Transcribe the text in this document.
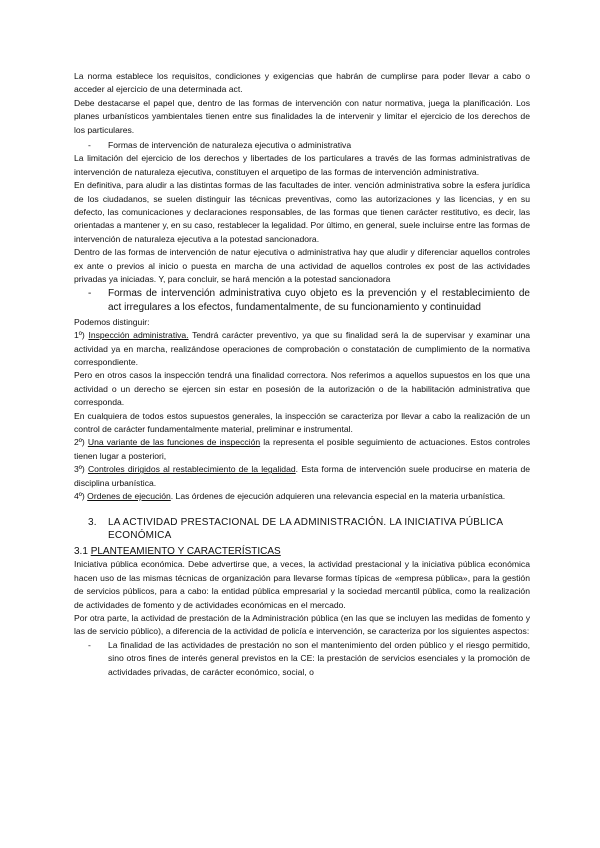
La norma establece los requisitos, condiciones y exigencias que habrán de cumplirse para poder llevar a cabo o acceder al ejercicio de una determinada act.

Debe destacarse el papel que, dentro de las formas de intervención con natur normativa, juega la planificación. Los planes urbanísticos yambientales tienen entre sus finalidades la de intervenir y limitar el ejercicio de los derechos de los particulares.

-	Formas de intervención de naturaleza ejecutiva o administrativa

La limitación del ejercicio de los derechos y libertades de los particulares a través de las formas administrativas de intervención de naturaleza ejecutiva, constituyen el arquetipo de las formas de intervención administrativa.

En definitiva, para aludir a las distintas formas de las facultades de inter. vención administrativa sobre la esfera jurídica de los ciudadanos, se suelen distinguir las técnicas preventivas, como las autorizaciones y las licencias, y en su defecto, las comunicaciones y declaraciones responsables, de las formas que tienen carácter restitutivo, es decir, las orientadas a mantener y, en su caso, restablecer la legalidad. Por último, en general, suele incluirse entre las formas de intervención de naturaleza ejecutiva a la potestad sancionadora.

Dentro de las formas de intervención de natur ejecutiva o administrativa hay que aludir y diferenciar aquellos controles ex ante o previos al inicio o puesta en marcha de una actividad de aquellos controles ex post de las actividades privadas ya iniciadas. Y, para concluir, se hará mención a la potestad sancionadora

-	Formas de intervención administrativa cuyo objeto es la prevención y el restablecimiento de act irregulares a los efectos, fundamentalmente, de su funcionamiento y continuidad

Podemos distinguir:

1º) Inspección administrativa. Tendrá carácter preventivo, ya que su finalidad será la de supervisar y examinar una actividad ya en marcha, realizándose operaciones de comprobación o constatación de cumplimiento de la normativa correspondiente.

Pero en otros casos la inspección tendrá una finalidad correctora. Nos referimos a aquellos supuestos en los que una actividad o un derecho se ejercen sin estar en posesión de la autorización o de la habilitación administrativa que corresponda.

En cualquiera de todos estos supuestos generales, la inspección se caracteriza por llevar a cabo la realización de un control de carácter fundamentalmente material, preliminar e instrumental.

2º) Una variante de las funciones de inspección la representa el posible seguimiento de actuaciones. Estos controles tienen lugar a posteriori,

3º) Controles dirigidos al restablecimiento de la legalidad. Esta forma de intervención suele producirse en materia de disciplina urbanística.

4º) Ordenes de ejecución. Las órdenes de ejecución adquieren una relevancia especial en la materia urbanística.

3.	LA ACTIVIDAD PRESTACIONAL DE LA ADMINISTRACIÓN. LA INICIATIVA PÚBLICA ECONÓMICA
3.1 PLANTEAMIENTO Y CARACTERÍSTICAS

Iniciativa pública económica. Debe advertirse que, a veces, la actividad prestacional y la iniciativa pública económica hacen uso de las mismas técnicas de organización para llevarse formas típicas de «empresa pública», para la gestión de servicios públicos, para a cabo: la entidad pública empresarial y la sociedad mercantil pública, como la realización de actividades de fomento y de actividades económicas en el mercado.

Por otra parte, la actividad de prestación de la Administración pública (en las que se incluyen las medidas de fomento y las de servicio público), a diferencia de la actividad de policía e intervención, se caracteriza por los siguientes aspectos:

-	La finalidad de las actividades de prestación no son el mantenimiento del orden público y el riesgo permitido, sino otros fines de interés general previstos en la CE: la prestación de servicios esenciales y la promoción de actividades privadas, de carácter económico, social, o
